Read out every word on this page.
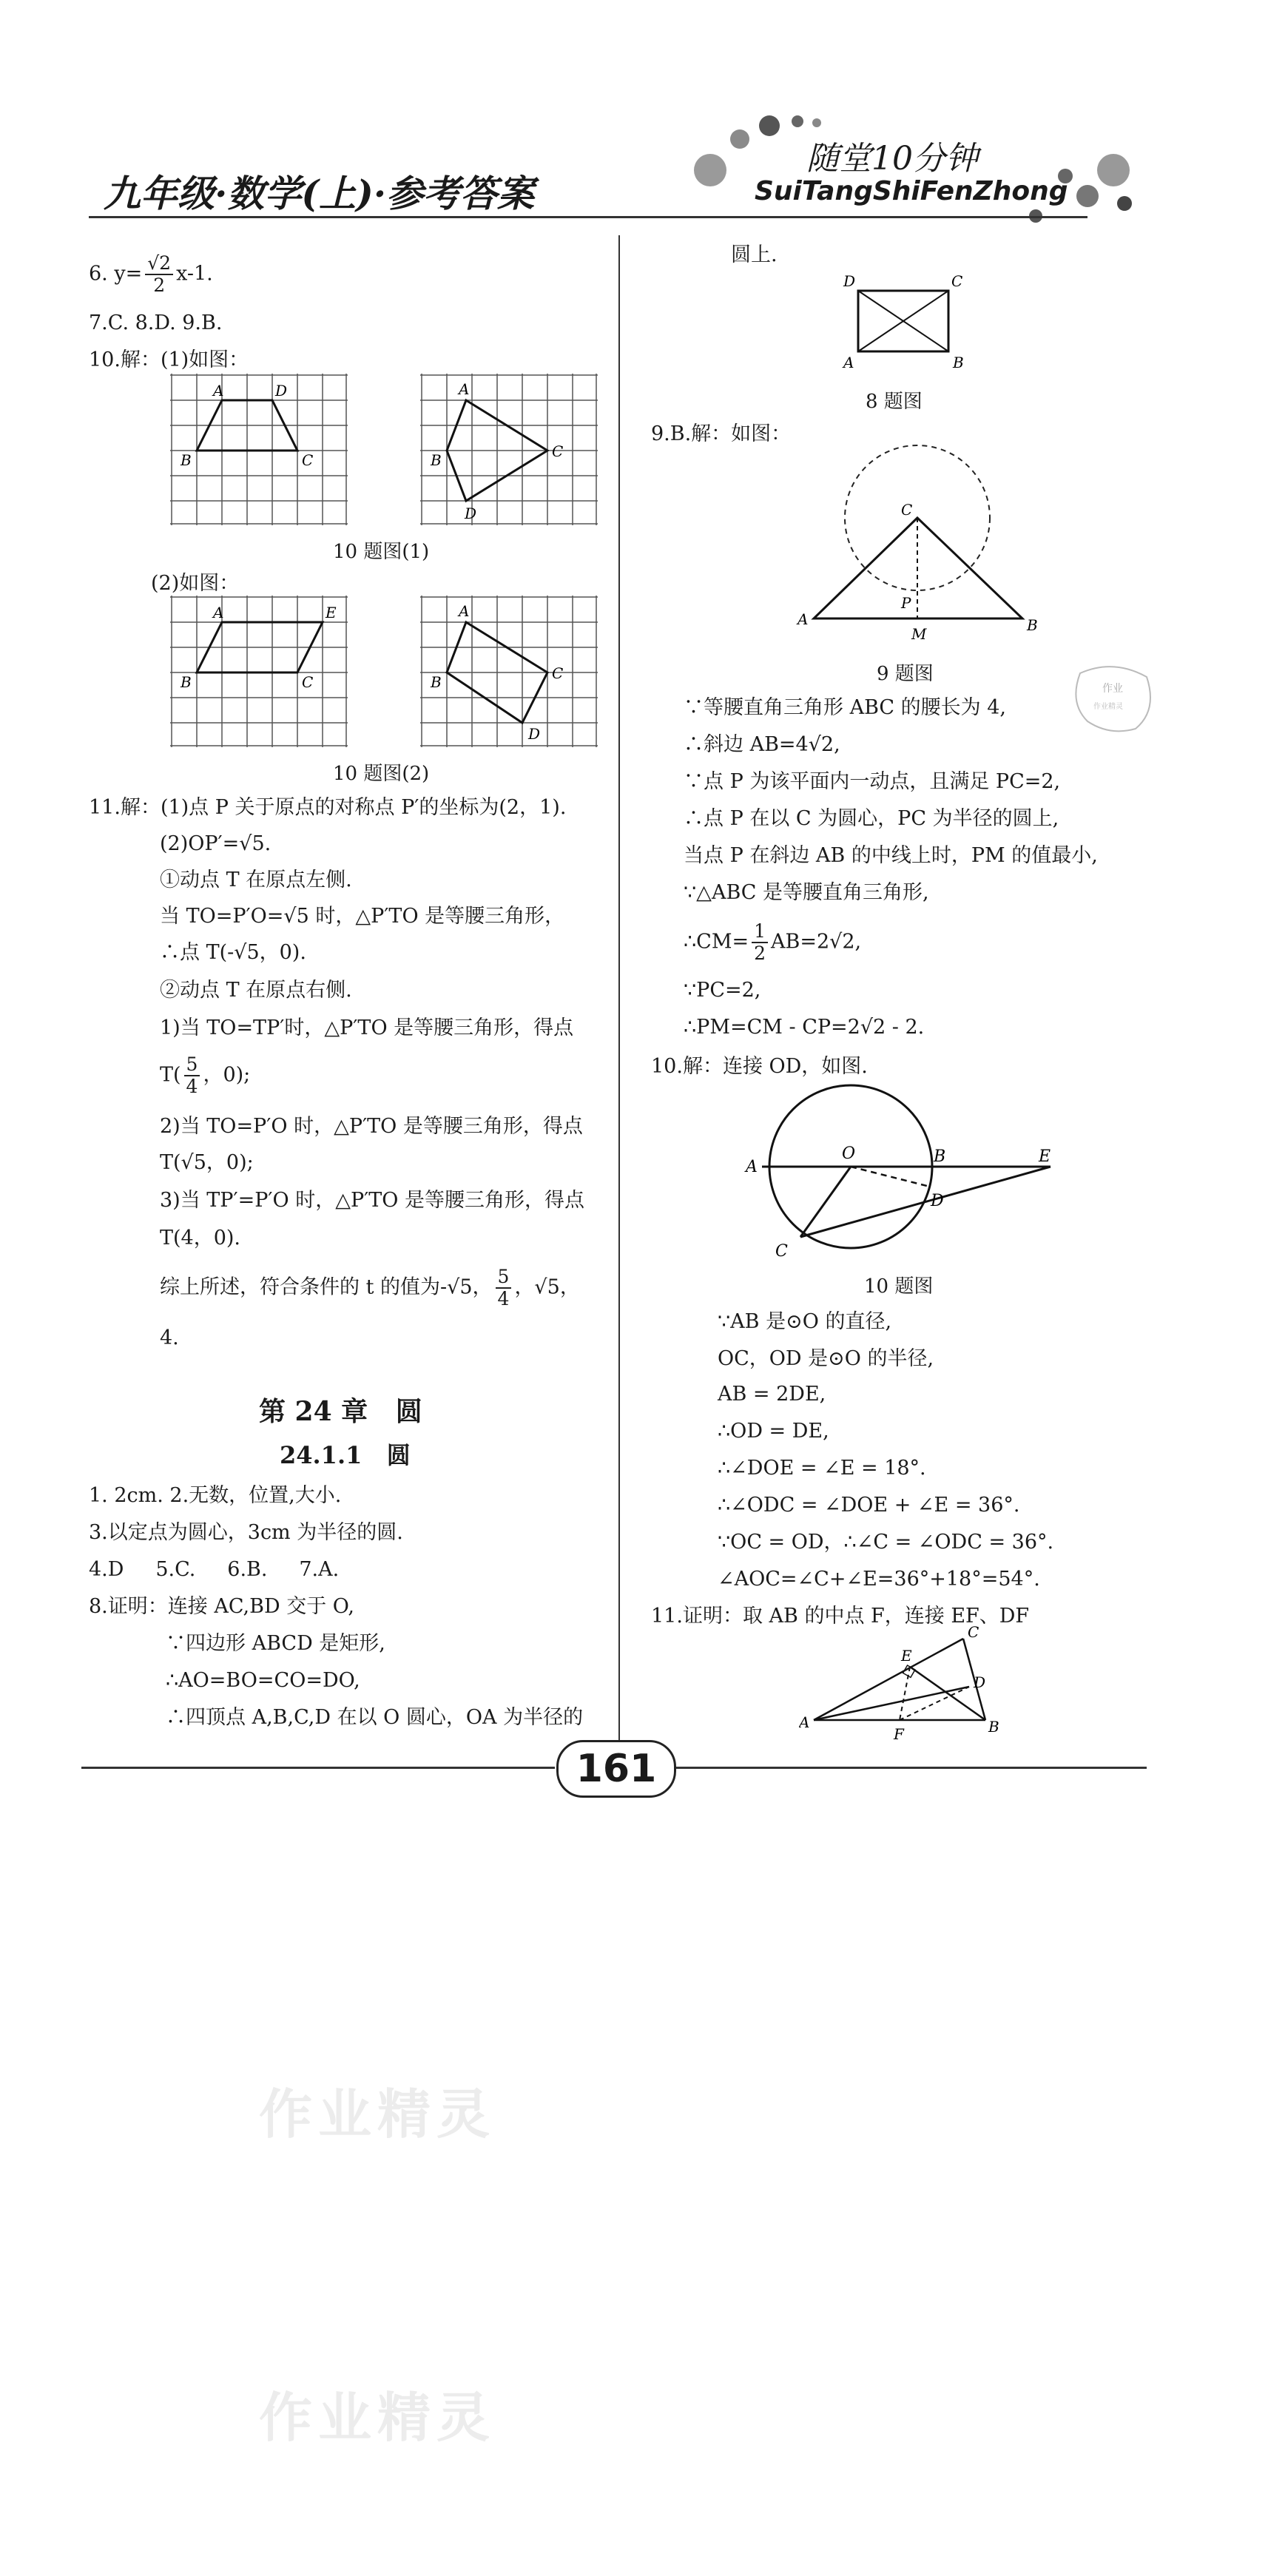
九年级·数学(上)·参考答案
随堂10分钟
SuiTangShiFenZhong
6. $y= \frac{√2}{2} x-1$.
7.C. 8.D. 9.B.
10.解：(1)如图：
A	D
B	C
A
B	C
D
10 题图(1)
(2)如图：
A	E
B	C
A
B	C
D
10 题图(2)
11.解：(1)点 P 关于原点的对称点 P′的坐标为(2，1).
(2)OP′=√5.
①动点 T 在原点左侧.
当 TO=P′O=√5 时，△P′TO 是等腰三角形，
∴点 T(-√5，0).
②动点 T 在原点右侧.
1)当 TO=TP′时，△P′TO 是等腰三角形，得点
$T( \frac{5}{4}$ ，0);
2)当 TO=P′O 时，△P′TO 是等腰三角形，得点
T(√5，0);
3)当 TP′=P′O 时，△P′TO 是等腰三角形，得点
T(4，0).
综上所述，符合条件的 t 的值为-√5， $\frac{5}{4}$ ，√5，
4.
第 24 章   圆
24.1.1   圆
1. 2cm. 2.无数，位置,大小.
3.以定点为圆心，3cm 为半径的圆.
4.D     5.C.     6.B.     7.A.
8.证明：连接 AC,BD 交于 O,
∵四边形 ABCD 是矩形,
∴AO=BO=CO=DO,
∴四顶点 A,B,C,D 在以 O 圆心，OA 为半径的
圆上.
D	C
A	B
8 题图
9.B.解：如图：
C
P
A	B
M
9 题图
作业
作业精灵
∵等腰直角三角形 ABC 的腰长为 4,
∴斜边 AB=4√2,
∵点 P 为该平面内一动点，且满足 PC=2,
∴点 P 在以 C 为圆心，PC 为半径的圆上,
当点 P 在斜边 AB 的中线上时，PM 的值最小,
∵△ABC 是等腰直角三角形,
∴CM= $\frac{1}{2} AB=2√2$,
∵PC=2,
∴PM=CM - CP=2√2 - 2.
10.解：连接 OD，如图.
A
O	B
D
E
C
10 题图
∵AB 是⊙O 的直径,
OC，OD 是⊙O 的半径,
AB = 2DE,
∴OD = DE,
∴∠DOE = ∠E = 18°.
∴∠ODC = ∠DOE + ∠E = 36°.
∵OC = OD，∴∠C = ∠ODC = 36°.
∠AOC=∠C+∠E=36°+18°=54°.
11.证明：取 AB 的中点 F，连接 EF、DF
C
E
D
A
F	B
161
作业精灵
作业精灵
